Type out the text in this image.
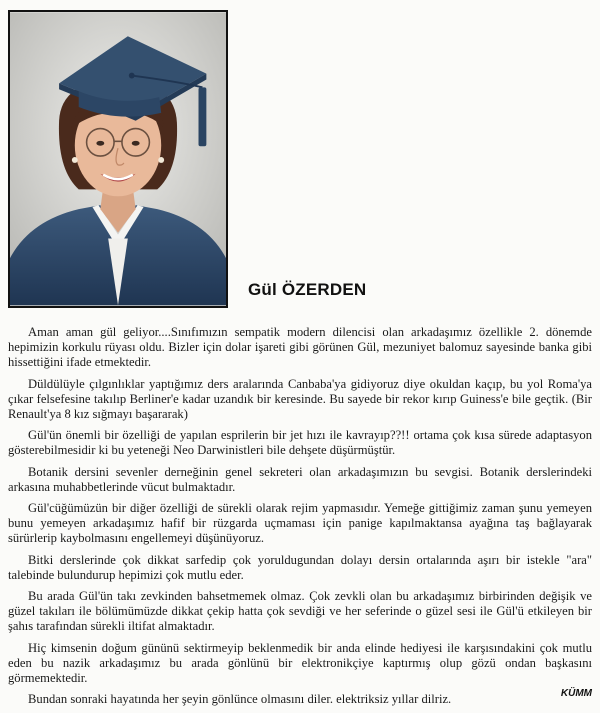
Gül ÖZERDEN

Aman aman gül geliyor....Sınıfımızın sempatik modern dilencisi olan arkadaşımız özellikle 2. dönemde hepimizin korkulu rüyası oldu. Bizler için dolar işareti gibi görünen Gül, mezuniyet balomuz sayesinde banka gibi hissettiğini ifade etmektedir.

Düldülüyle çılgınlıklar yaptığımız ders aralarında Canbaba'ya gidiyoruz diye okuldan kaçıp, bu yol Roma'ya çıkar felsefesine takılıp Berliner'e kadar uzandık bir keresinde. Bu sayede bir rekor kırıp Guiness'e bile geçtik. (Bir Renault'ya 8 kız sığmayı başararak)

Gül'ün önemli bir özelliği de yapılan esprilerin bir jet hızı ile kavrayıp??!! ortama çok kısa sürede adaptasyon gösterebilmesidir ki bu yeteneği Neo Darwinistleri bile dehşete düşürmüştür.

Botanik dersini sevenler derneğinin genel sekreteri olan arkadaşımızın bu sevgisi. Botanik derslerindeki arkasına muhabbetlerinde vücut bulmaktadır.

Gül'cüğümüzün bir diğer özelliği de sürekli olarak rejim yapmasıdır. Yemeğe gittiğimiz zaman şunu yemeyen bunu yemeyen arkadaşımız hafif bir rüzgarda uçmaması için panige kapılmaktansa ayağına taş bağlayarak sürürlerip kaybolmasını engellemeyi düşünüyoruz.

Bitki derslerinde çok dikkat sarfedip çok yoruldugundan dolayı dersin ortalarında aşırı bir istekle "ara" talebinde bulundurup hepimizi çok mutlu eder.

Bu arada Gül'ün takı zevkinden bahsetmemek olmaz. Çok zevkli olan bu arkadaşımız birbirinden değişik ve güzel takıları ile bölümümüzde dikkat çekip hatta çok sevdiği ve her seferinde o güzel sesi ile Gül'ü etkileyen bir şahıs tarafından sürekli iltifat almaktadır.

Hiç kimsenin doğum gününü sektirmeyip beklenmedik bir anda elinde hediyesi ile karşısındakini çok mutlu eden bu nazik arkadaşımız bu arada gönlünü bir elektronikçiye kaptırmış olup gözü ondan başkasını görmemektedir.

Bundan sonraki hayatında her şeyin gönlünce olmasını diler. elektriksiz yıllar dilriz.	KÜMM
